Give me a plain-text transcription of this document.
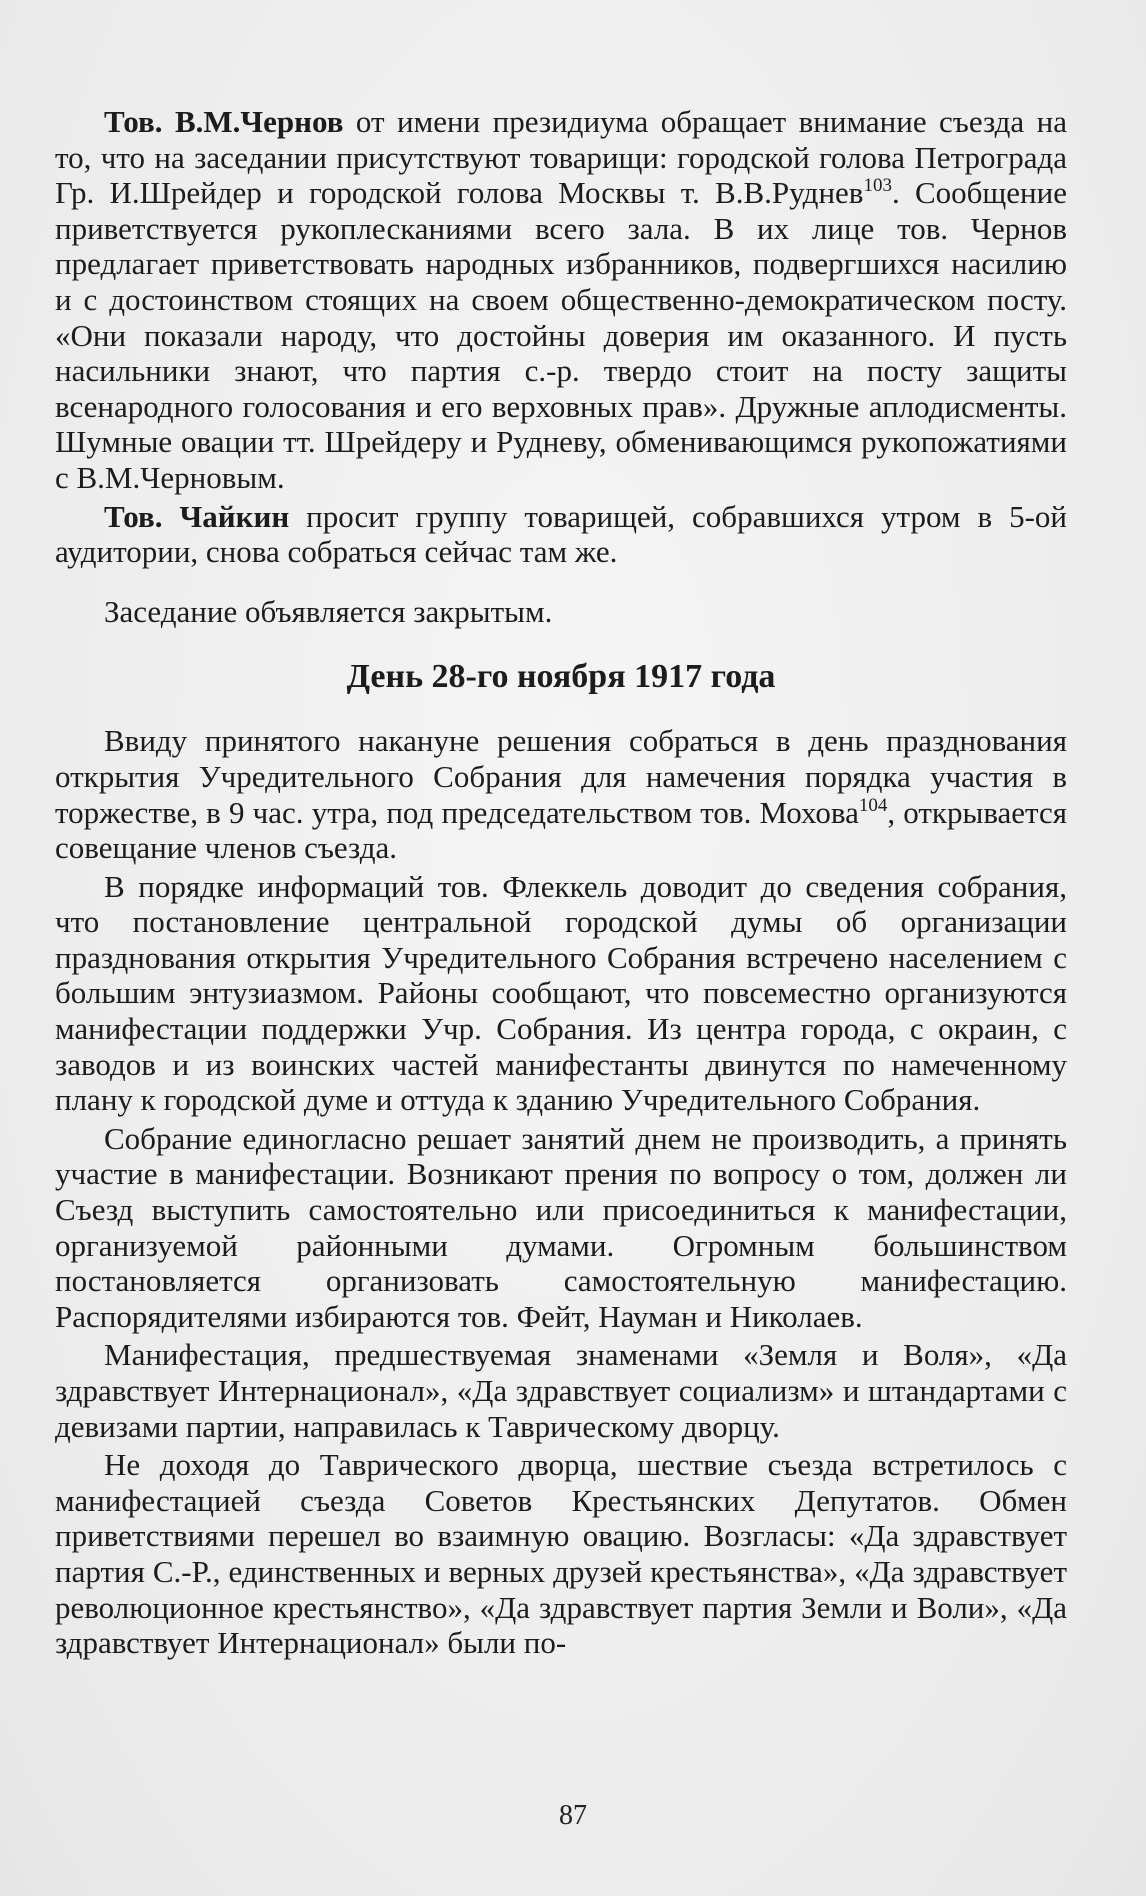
Тов. В.М.Чернов от имени президиума обращает внимание съезда на то, что на заседании присутствуют товарищи: городской голова Петрограда Гр. И.Шрейдер и городской голова Москвы т. В.В.Руднев$^{103}$. Сообщение приветствуется рукоплесканиями всего зала. В их лице тов. Чернов предлагает приветствовать народных избранников, подвергшихся насилию и с достоинством стоящих на своем общественно-демократическом посту. «Они показали народу, что достойны доверия им оказанного. И пусть насильники знают, что партия с.-р. твердо стоит на посту защиты всенародного голосования и его верховных прав». Дружные аплодисменты. Шумные овации тт. Шрейдеру и Рудневу, обменивающимся рукопожатиями с В.М.Черновым.

Тов. Чайкин просит группу товарищей, собравшихся утром в 5-ой аудитории, снова собраться сейчас там же.

Заседание объявляется закрытым.

День 28-го ноября 1917 года

Ввиду принятого накануне решения собраться в день празднования открытия Учредительного Собрания для намечения порядка участия в торжестве, в 9 час. утра, под председательством тов. Мохова$^{104}$, открывается совещание членов съезда.

В порядке информаций тов. Флеккель доводит до сведения собрания, что постановление центральной городской думы об организации празднования открытия Учредительного Собрания встречено населением с большим энтузиазмом. Районы сообщают, что повсеместно организуются манифестации поддержки Учр. Собрания. Из центра города, с окраин, с заводов и из воинских частей манифестанты двинутся по намеченному плану к городской думе и оттуда к зданию Учредительного Собрания.

Собрание единогласно решает занятий днем не производить, а принять участие в манифестации. Возникают прения по вопросу о том, должен ли Съезд выступить самостоятельно или присоединиться к манифестации, организуемой районными думами. Огромным большинством постановляется организовать самостоятельную манифестацию. Распорядителями избираются тов. Фейт, Науман и Николаев.

Манифестация, предшествуемая знаменами «Земля и Воля», «Да здравствует Интернационал», «Да здравствует социализм» и штандартами с девизами партии, направилась к Таврическому дворцу.

Не доходя до Таврического дворца, шествие съезда встретилось с манифестацией съезда Советов Крестьянских Депутатов. Обмен приветствиями перешел во взаимную овацию. Возгласы: «Да здравствует партия С.-Р., единственных и верных друзей крестьянства», «Да здравствует революционное крестьянство», «Да здравствует партия Земли и Воли», «Да здравствует Интернационал» были по-

87
